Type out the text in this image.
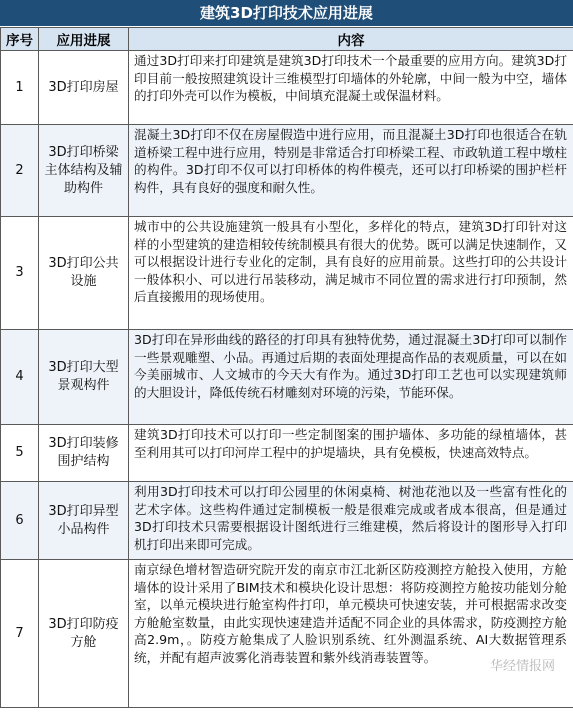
建筑3D打印技术应用进展
序号	应用进展	内容
1	3D打印房屋	通过3D打印来打印建筑是建筑3D打印技术一个最重要的应用方向。建筑3D打印目前一般按照建筑设计三维模型打印墙体的外轮廓，中间一般为中空，墙体的打印外壳可以作为模板，中间填充混凝土或保温材料。
2	3D打印桥梁主体结构及辅助构件	混凝土3D打印不仅在房屋假造中进行应用，而且混凝土3D打印也很适合在轨道桥梁工程中进行应用，特别是非常适合打印桥梁工程、市政轨道工程中墩柱的构件。3D打印不仅可以打印桥体的构件模壳，还可以打印桥梁的围护栏杆构件，具有良好的强度和耐久性。
3	3D打印公共设施	城市中的公共设施建筑一般具有小型化，多样化的特点，建筑3D打印针对这样的小型建筑的建造相较传统制模具有很大的优势。既可以满足快速制作，又可以根据设计进行专业化的定制，具有良好的应用前景。这些打印的公共设计一般体积小、可以进行吊装移动，满足城市不同位置的需求进行打印预制，然后直接搬用的现场使用。
4	3D打印大型景观构件	3D打印在异形曲线的路径的打印具有独特优势，通过混凝土3D打印可以制作一些景观雕塑、小品。再通过后期的表面处理提高作品的表观质量，可以在如今美丽城市、人文城市的今天大有作为。通过3D打印工艺也可以实现建筑师的大胆设计，降低传统石材雕刻对环境的污染，节能环保。
5	3D打印装修围护结构	建筑3D打印技术可以打印一些定制图案的围护墙体、多功能的绿植墙体，甚至利用其可以打印河岸工程中的护堤墙块，具有免模板，快速高效特点。
6	3D打印异型小品构件	利用3D打印技术可以打印公园里的休闲桌椅、树池花池以及一些富有性化的艺术字体。这些构件通过定制模板一般是很难完成或者成本很高，但是通过3D打印技术只需要根据设计图纸进行三维建模，然后将设计的图形导入打印机打印出来即可完成。
7	3D打印防疫方舱	南京绿色增材智造研究院开发的南京市江北新区防疫测控方舱投入使用，方舱墙体的设计采用了BIM技术和模块化设计思想：将防疫测控方舱按功能划分舱室，以单元模块进行舱室构件打印，单元模块可快速安装，并可根据需求改变方舱舱室数量，由此实现快速建造并适配不同企业的具体需求，防疫测控方舱高2.9m，。防疫方舱集成了人脸识别系统、红外测温系统、AI大数据管理系统，并配有超声波雾化消毒装置和紫外线消毒装置等。
华经情报网
